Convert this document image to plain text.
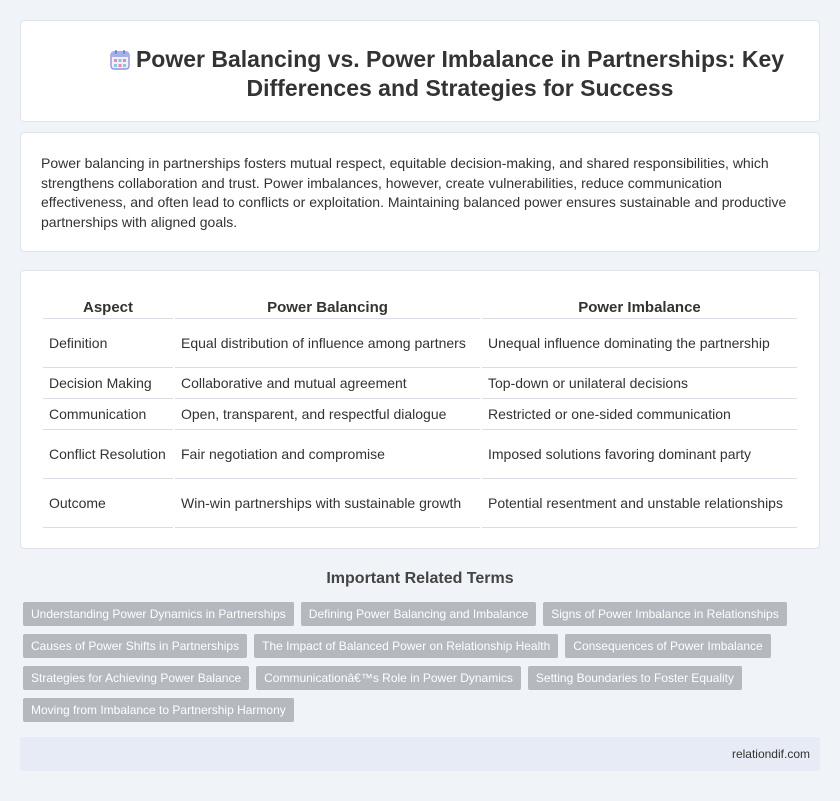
Power Balancing vs. Power Imbalance in Partnerships: Key Differences and Strategies for Success

Power balancing in partnerships fosters mutual respect, equitable decision-making, and shared responsibilities, which strengthens collaboration and trust. Power imbalances, however, create vulnerabilities, reduce communication effectiveness, and often lead to conflicts or exploitation. Maintaining balanced power ensures sustainable and productive partnerships with aligned goals.

Aspect	Power Balancing	Power Imbalance
Definition	Equal distribution of influence among partners	Unequal influence dominating the partnership
Decision Making	Collaborative and mutual agreement	Top-down or unilateral decisions
Communication	Open, transparent, and respectful dialogue	Restricted or one-sided communication
Conflict Resolution	Fair negotiation and compromise	Imposed solutions favoring dominant party
Outcome	Win-win partnerships with sustainable growth	Potential resentment and unstable relationships
Important Related Terms
Understanding Power Dynamics in Partnerships	Defining Power Balancing and Imbalance	Signs of Power Imbalance in Relationships
Causes of Power Shifts in Partnerships	The Impact of Balanced Power on Relationship Health	Consequences of Power Imbalance
Strategies for Achieving Power Balance	Communicationâ€™s Role in Power Dynamics	Setting Boundaries to Foster Equality
Moving from Imbalance to Partnership Harmony
relationdif.com
